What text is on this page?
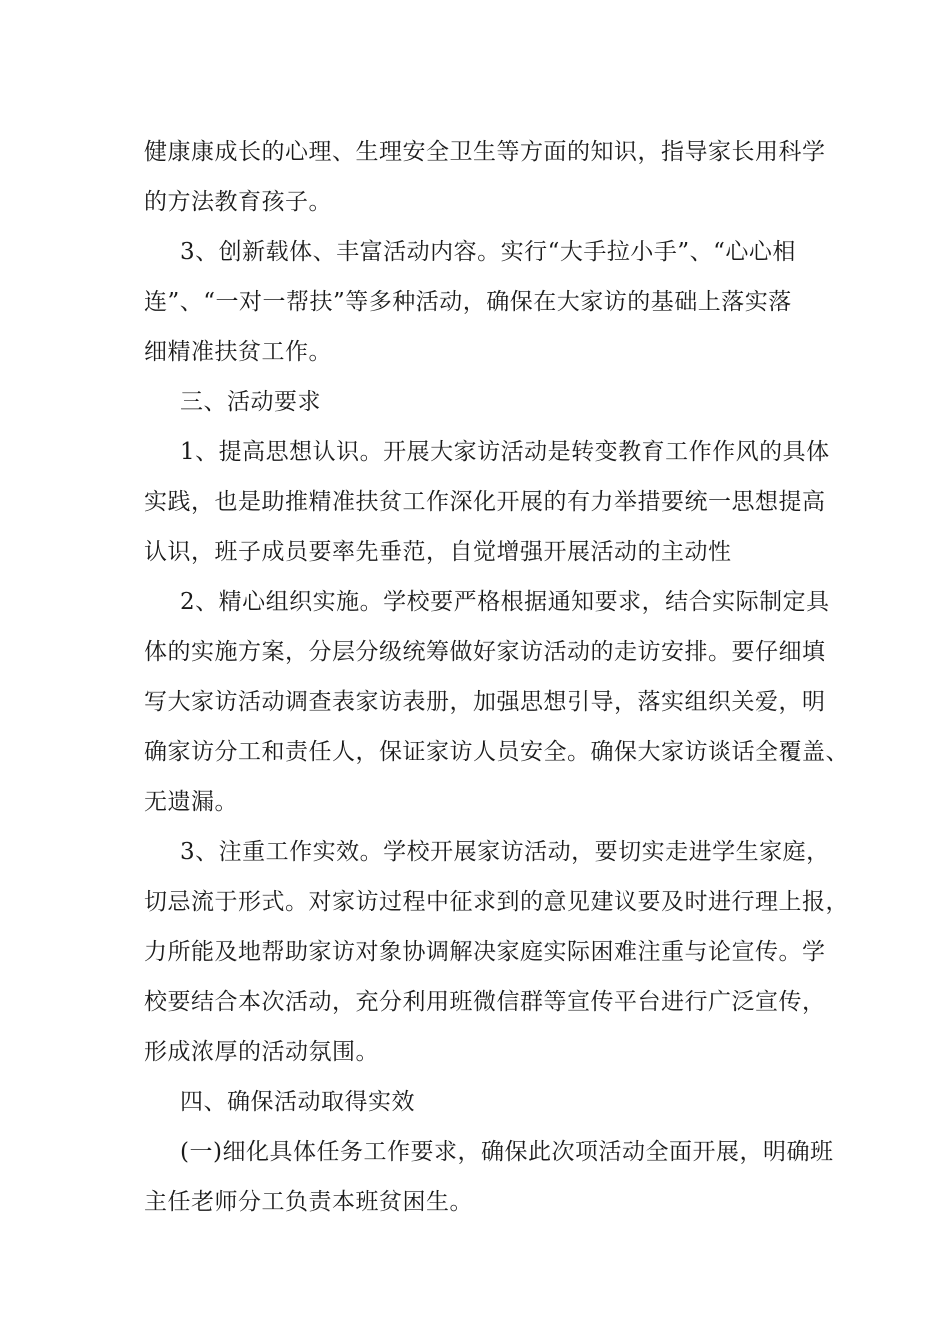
健康康成长的心理、生理安全卫生等方面的知识，指导家长用科学
的方法教育孩子。
3、创新载体、丰富活动内容。实行“大手拉小手”、“心心相
连”、“一对一帮扶”等多种活动，确保在大家访的基础上落实落
细精准扶贫工作。
三、活动要求
1、提高思想认识。开展大家访活动是转变教育工作作风的具体
实践，也是助推精准扶贫工作深化开展的有力举措要统一思想提高
认识，班子成员要率先垂范，自觉增强开展活动的主动性
2、精心组织实施。学校要严格根据通知要求，结合实际制定具
体的实施方案，分层分级统筹做好家访活动的走访安排。要仔细填
写大家访活动调查表家访表册，加强思想引导，落实组织关爱，明
确家访分工和责任人，保证家访人员安全。确保大家访谈话全覆盖、
无遗漏。
3、注重工作实效。学校开展家访活动，要切实走进学生家庭，
切忌流于形式。对家访过程中征求到的意见建议要及时进行理上报，
力所能及地帮助家访对象协调解决家庭实际困难注重与论宣传。学
校要结合本次活动，充分利用班微信群等宣传平台进行广泛宣传，
形成浓厚的活动氛围。
四、确保活动取得实效
(一)细化具体任务工作要求，确保此次项活动全面开展，明确班
主任老师分工负责本班贫困生。
